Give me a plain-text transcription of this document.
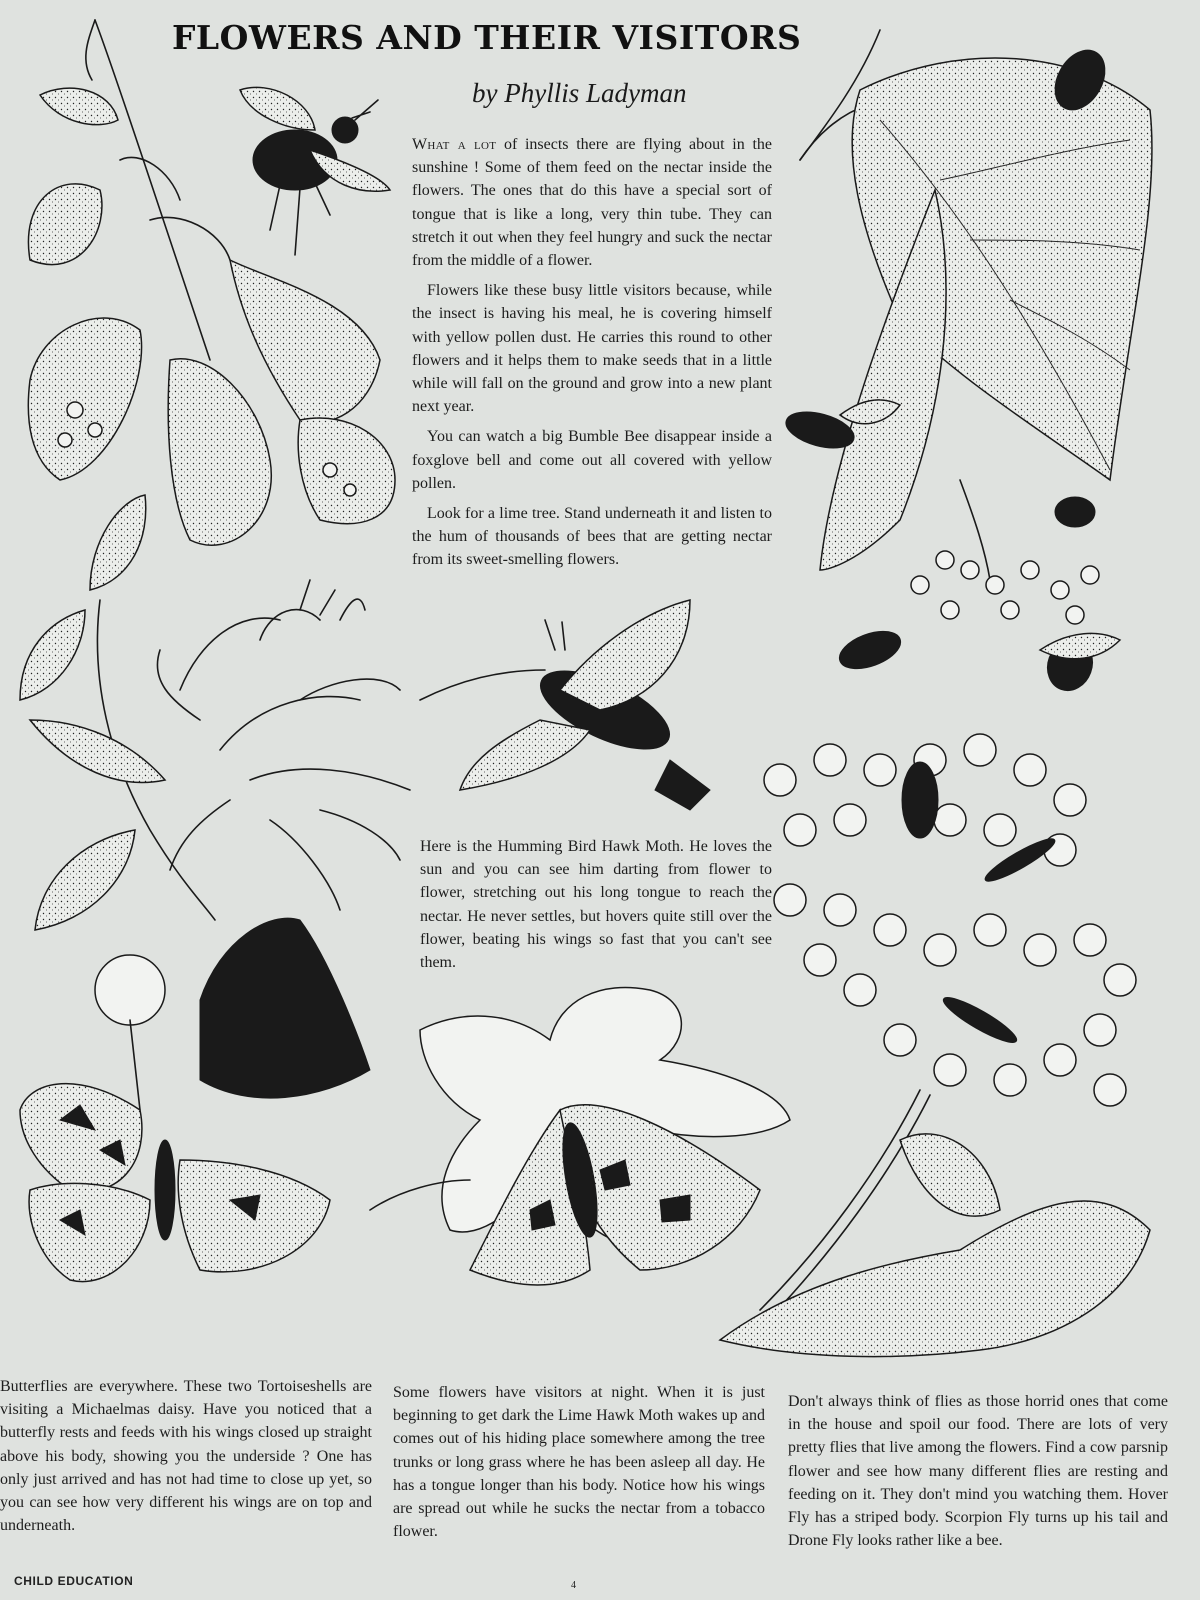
FLOWERS AND THEIR VISITORS
by Phyllis Ladyman

What a lot of insects there are flying about in the sunshine ! Some of them feed on the nectar inside the flowers. The ones that do this have a special sort of tongue that is like a long, very thin tube. They can stretch it out when they feel hungry and suck the nectar from the middle of a flower.

Flowers like these busy little visitors because, while the insect is having his meal, he is covering himself with yellow pollen dust. He carries this round to other flowers and it helps them to make seeds that in a little while will fall on the ground and grow into a new plant next year.

You can watch a big Bumble Bee disappear inside a foxglove bell and come out all covered with yellow pollen.

Look for a lime tree. Stand underneath it and listen to the hum of thousands of bees that are getting nectar from its sweet-smelling flowers.

Here is the Humming Bird Hawk Moth. He loves the sun and you can see him darting from flower to flower, stretching out his long tongue to reach the nectar. He never settles, but hovers quite still over the flower, beating his wings so fast that you can't see them.

Butterflies are everywhere. These two Tortoiseshells are visiting a Michaelmas daisy. Have you noticed that a butterfly rests and feeds with his wings closed up straight above his body, showing you the underside ? One has only just arrived and has not had time to close up yet, so you can see how very different his wings are on top and underneath.

Some flowers have visitors at night. When it is just beginning to get dark the Lime Hawk Moth wakes up and comes out of his hiding place somewhere among the tree trunks or long grass where he has been asleep all day. He has a tongue longer than his body. Notice how his wings are spread out while he sucks the nectar from a tobacco flower.

Don't always think of flies as those horrid ones that come in the house and spoil our food. There are lots of very pretty flies that live among the flowers. Find a cow parsnip flower and see how many different flies are resting and feeding on it. They don't mind you watching them. Hover Fly has a striped body. Scorpion Fly turns up his tail and Drone Fly looks rather like a bee.

CHILD EDUCATION	4
